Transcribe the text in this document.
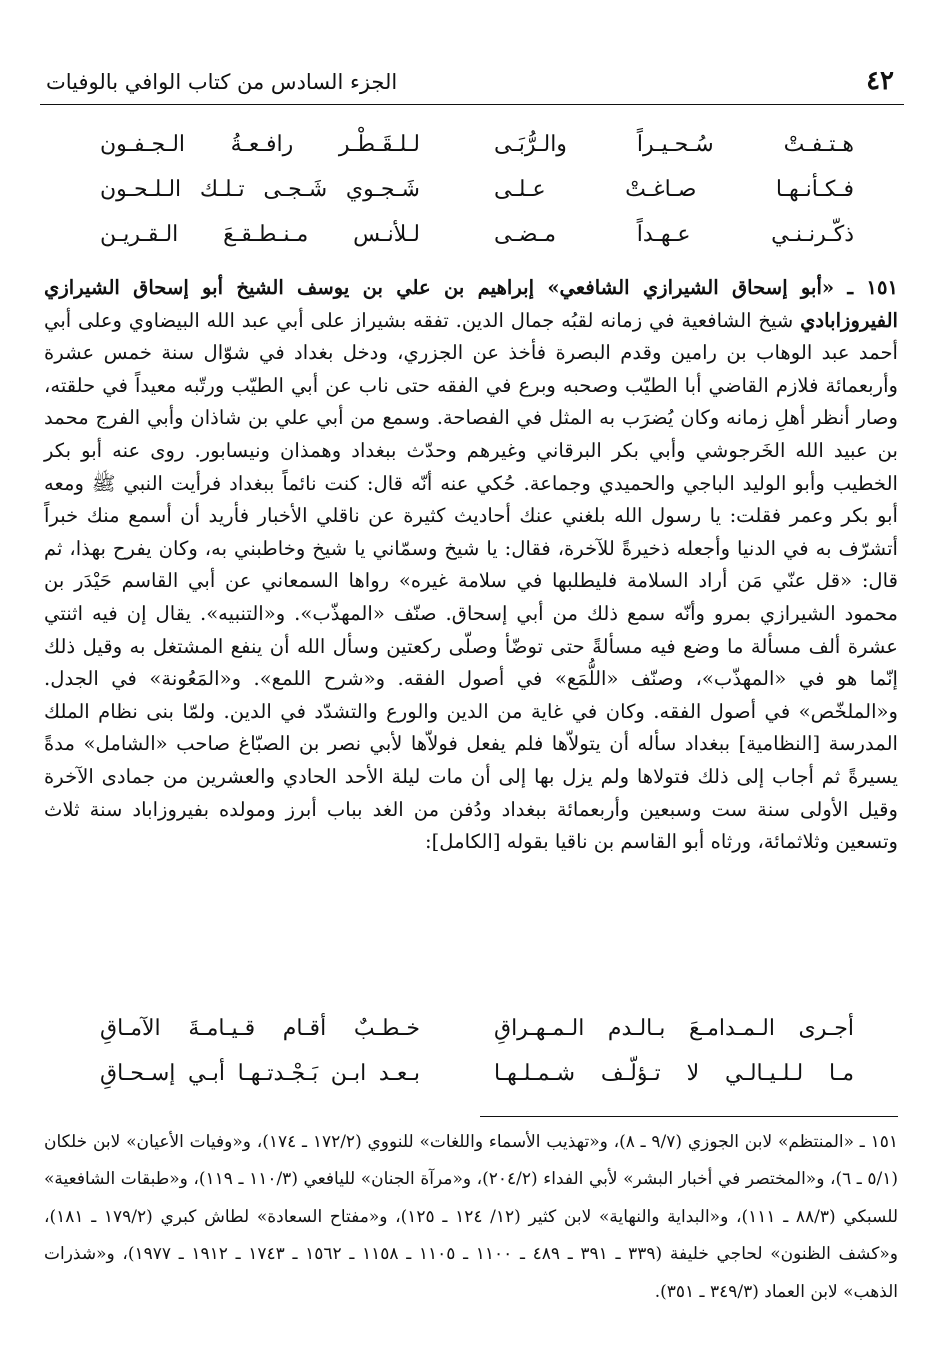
٤٢
الجزء السادس من كتاب الوافي بالوفيات
هـتـفـتْ سُـحـيـراً والـرُّبَـى
لـلـقَـطْـر رافـعـةُ الـجـفـون
فـكـأنـهـا صـاغـتْ عـلـى
شَـجـوي شَـجـى تـلـك الـلـحـون
ذكّـرنـنـي عـهـداً مـضـى
لـلأنـس مـنـطـقـعَ الـقـريـن
١٥١ ـ «أبو إسحاق الشيرازي الشافعي» إبراهيم بن علي بن يوسف الشيخ أبو إسحاق الشيرازي الفيروزابادي شيخ الشافعية في زمانه لقبُه جمال الدين. تفقه بشيراز على أبي عبد الله البيضاوي وعلى أبي أحمد عبد الوهاب بن رامين وقدم البصرة فأخذ عن الجزري، ودخل بغداد في شوّال سنة خمس عشرة وأربعمائة فلازم القاضي أبا الطيّب وصحبه وبرع في الفقه حتى ناب عن أبي الطيّب ورتّبه معيداً في حلقته، وصار أنظر أهلِ زمانه وكان يُضرَب به المثل في الفصاحة. وسمع من أبي علي بن شاذان وأبي الفرج محمد بن عبيد الله الخَرجوشي وأبي بكر البرقاني وغيرهم وحدّث ببغداد وهمذان ونيسابور. روى عنه أبو بكر الخطيب وأبو الوليد الباجي والحميدي وجماعة. حُكي عنه أنّه قال: كنت نائماً ببغداد فرأيت النبي ﷺ ومعه أبو بكر وعمر فقلت: يا رسول الله بلغني عنك أحاديث كثيرة عن ناقلي الأخبار فأريد أن أسمع منك خبراً أتشرّف به في الدنيا وأجعله ذخيرةً للآخرة، فقال: يا شيخ وسمّاني يا شيخ وخاطبني به، وكان يفرح بهذا، ثم قال: «قل عنّي مَن أراد السلامة فليطلبها في سلامة غيره» رواها السمعاني عن أبي القاسم حَيْدَر بن محمود الشيرازي بمرو وأنّه سمع ذلك من أبي إسحاق. صنّف «المهذّب». و«التنبيه». يقال إن فيه اثنتي عشرة ألف مسألة ما وضع فيه مسألةً حتى توضّأ وصلّى ركعتين وسأل الله أن ينفع المشتغل به وقيل ذلك إنّما هو في «المهذّب»، وصنّف «اللُّمَع» في أصول الفقه. و«شرح اللمع». و«المَعُونة» في الجدل. و«الملخّص» في أصول الفقه. وكان في غاية من الدين والورع والتشدّد في الدين. ولمّا بنى نظام الملك المدرسة [النظامية] ببغداد سأله أن يتولاّها فلم يفعل فولاّها لأبي نصر بن الصبّاغ صاحب «الشامل» مدةً يسيرةً ثم أجاب إلى ذلك فتولاها ولم يزل بها إلى أن مات ليلة الأحد الحادي والعشرين من جمادى الآخرة وقيل الأولى سنة ست وسبعين وأربعمائة ببغداد ودُفن من الغد بباب أبرز ومولده بفيروزاباد سنة ثلاث وتسعين وثلاثمائة، ورثاه أبو القاسم بن ناقيا بقوله [الكامل]:
أجـرى الـمـدامـعَ بـالـدم الـمـهـراقِ
خـطـبٌ أقـام قـيـامـةَ الآمـاقِ
مـا لـلـيـالـي لا تـؤلّـف شـمـلـهـا
بـعـد ابـن بَـجْـدتـهـا أبـي إسـحـاقِ
١٥١ ـ «المنتظم» لابن الجوزي (٩/٧ ـ ٨)، و«تهذيب الأسماء واللغات» للنووي (١٧٢/٢ ـ ١٧٤)، و«وفيات الأعيان» لابن خلكان (٥/١ ـ ٦)، و«المختصر في أخبار البشر» لأبي الفداء (٢٠٤/٢)، و«مرآة الجنان» لليافعي (١١٠/٣ ـ ١١٩)، و«طبقات الشافعية» للسبكي (٨٨/٣ ـ ١١١)، و«البداية والنهاية» لابن كثير (١٢/ ١٢٤ ـ ١٢٥)، و«مفتاح السعادة» لطاش كبري (١٧٩/٢ ـ ١٨١)، و«كشف الظنون» لحاجي خليفة (٣٣٩ ـ ٣٩١ ـ ٤٨٩ ـ ١١٠٠ ـ ١١٠٥ ـ ١١٥٨ ـ ١٥٦٢ ـ ١٧٤٣ ـ ١٩١٢ ـ ١٩٧٧)، و«شذرات الذهب» لابن العماد (٣٤٩/٣ ـ ٣٥١).
